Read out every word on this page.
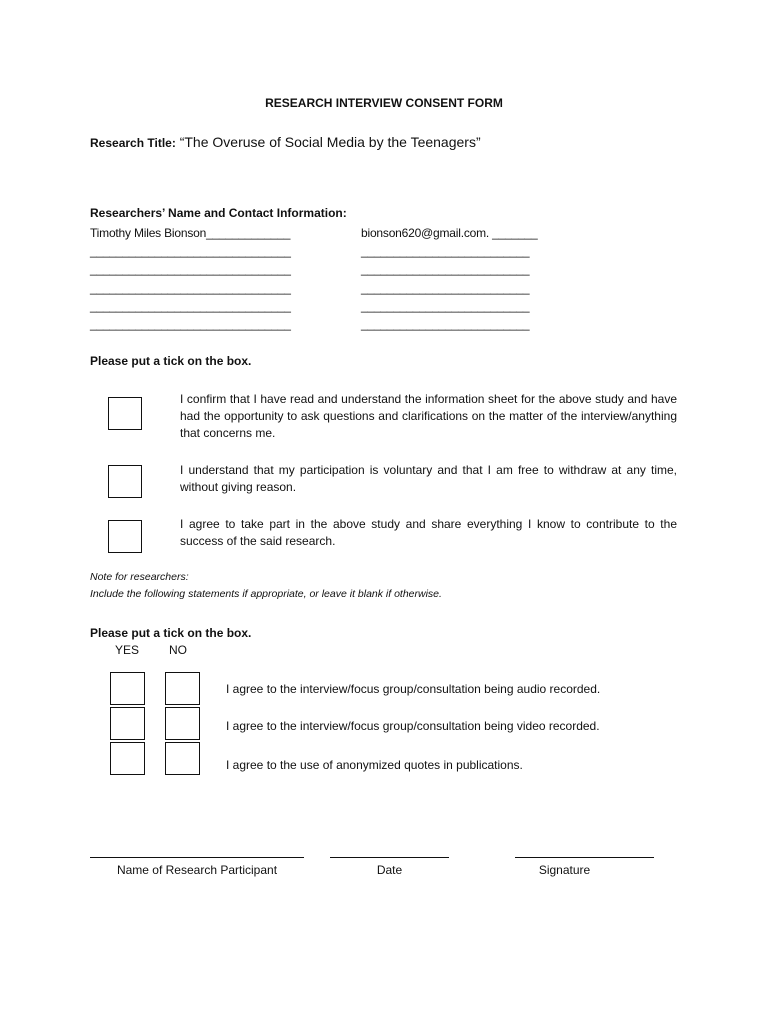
RESEARCH INTERVIEW CONSENT FORM
Research Title: “The Overuse of Social Media by the Teenagers”
Researchers’ Name and Contact Information:
Timothy Miles Bionson_____________	bionson620@gmail.com. _______
_______________________________	__________________________
_______________________________	__________________________
_______________________________	__________________________
_______________________________	__________________________
_______________________________	__________________________
Please put a tick on the box.
I confirm that I have read and understand the information sheet for the above study and have had the opportunity to ask questions and clarifications on the matter of the interview/anything that concerns me.
I understand that my participation is voluntary and that I am free to withdraw at any time, without giving reason.
I agree to take part in the above study and share everything I know to contribute to the success of the said research.
Note for researchers:
Include the following statements if appropriate, or leave it blank if otherwise.
Please put a tick on the box.
YES NO
I agree to the interview/focus group/consultation being audio recorded.
I agree to the interview/focus group/consultation being video recorded.
I agree to the use of anonymized quotes in publications.
Name of Research Participant	Date	Signature
